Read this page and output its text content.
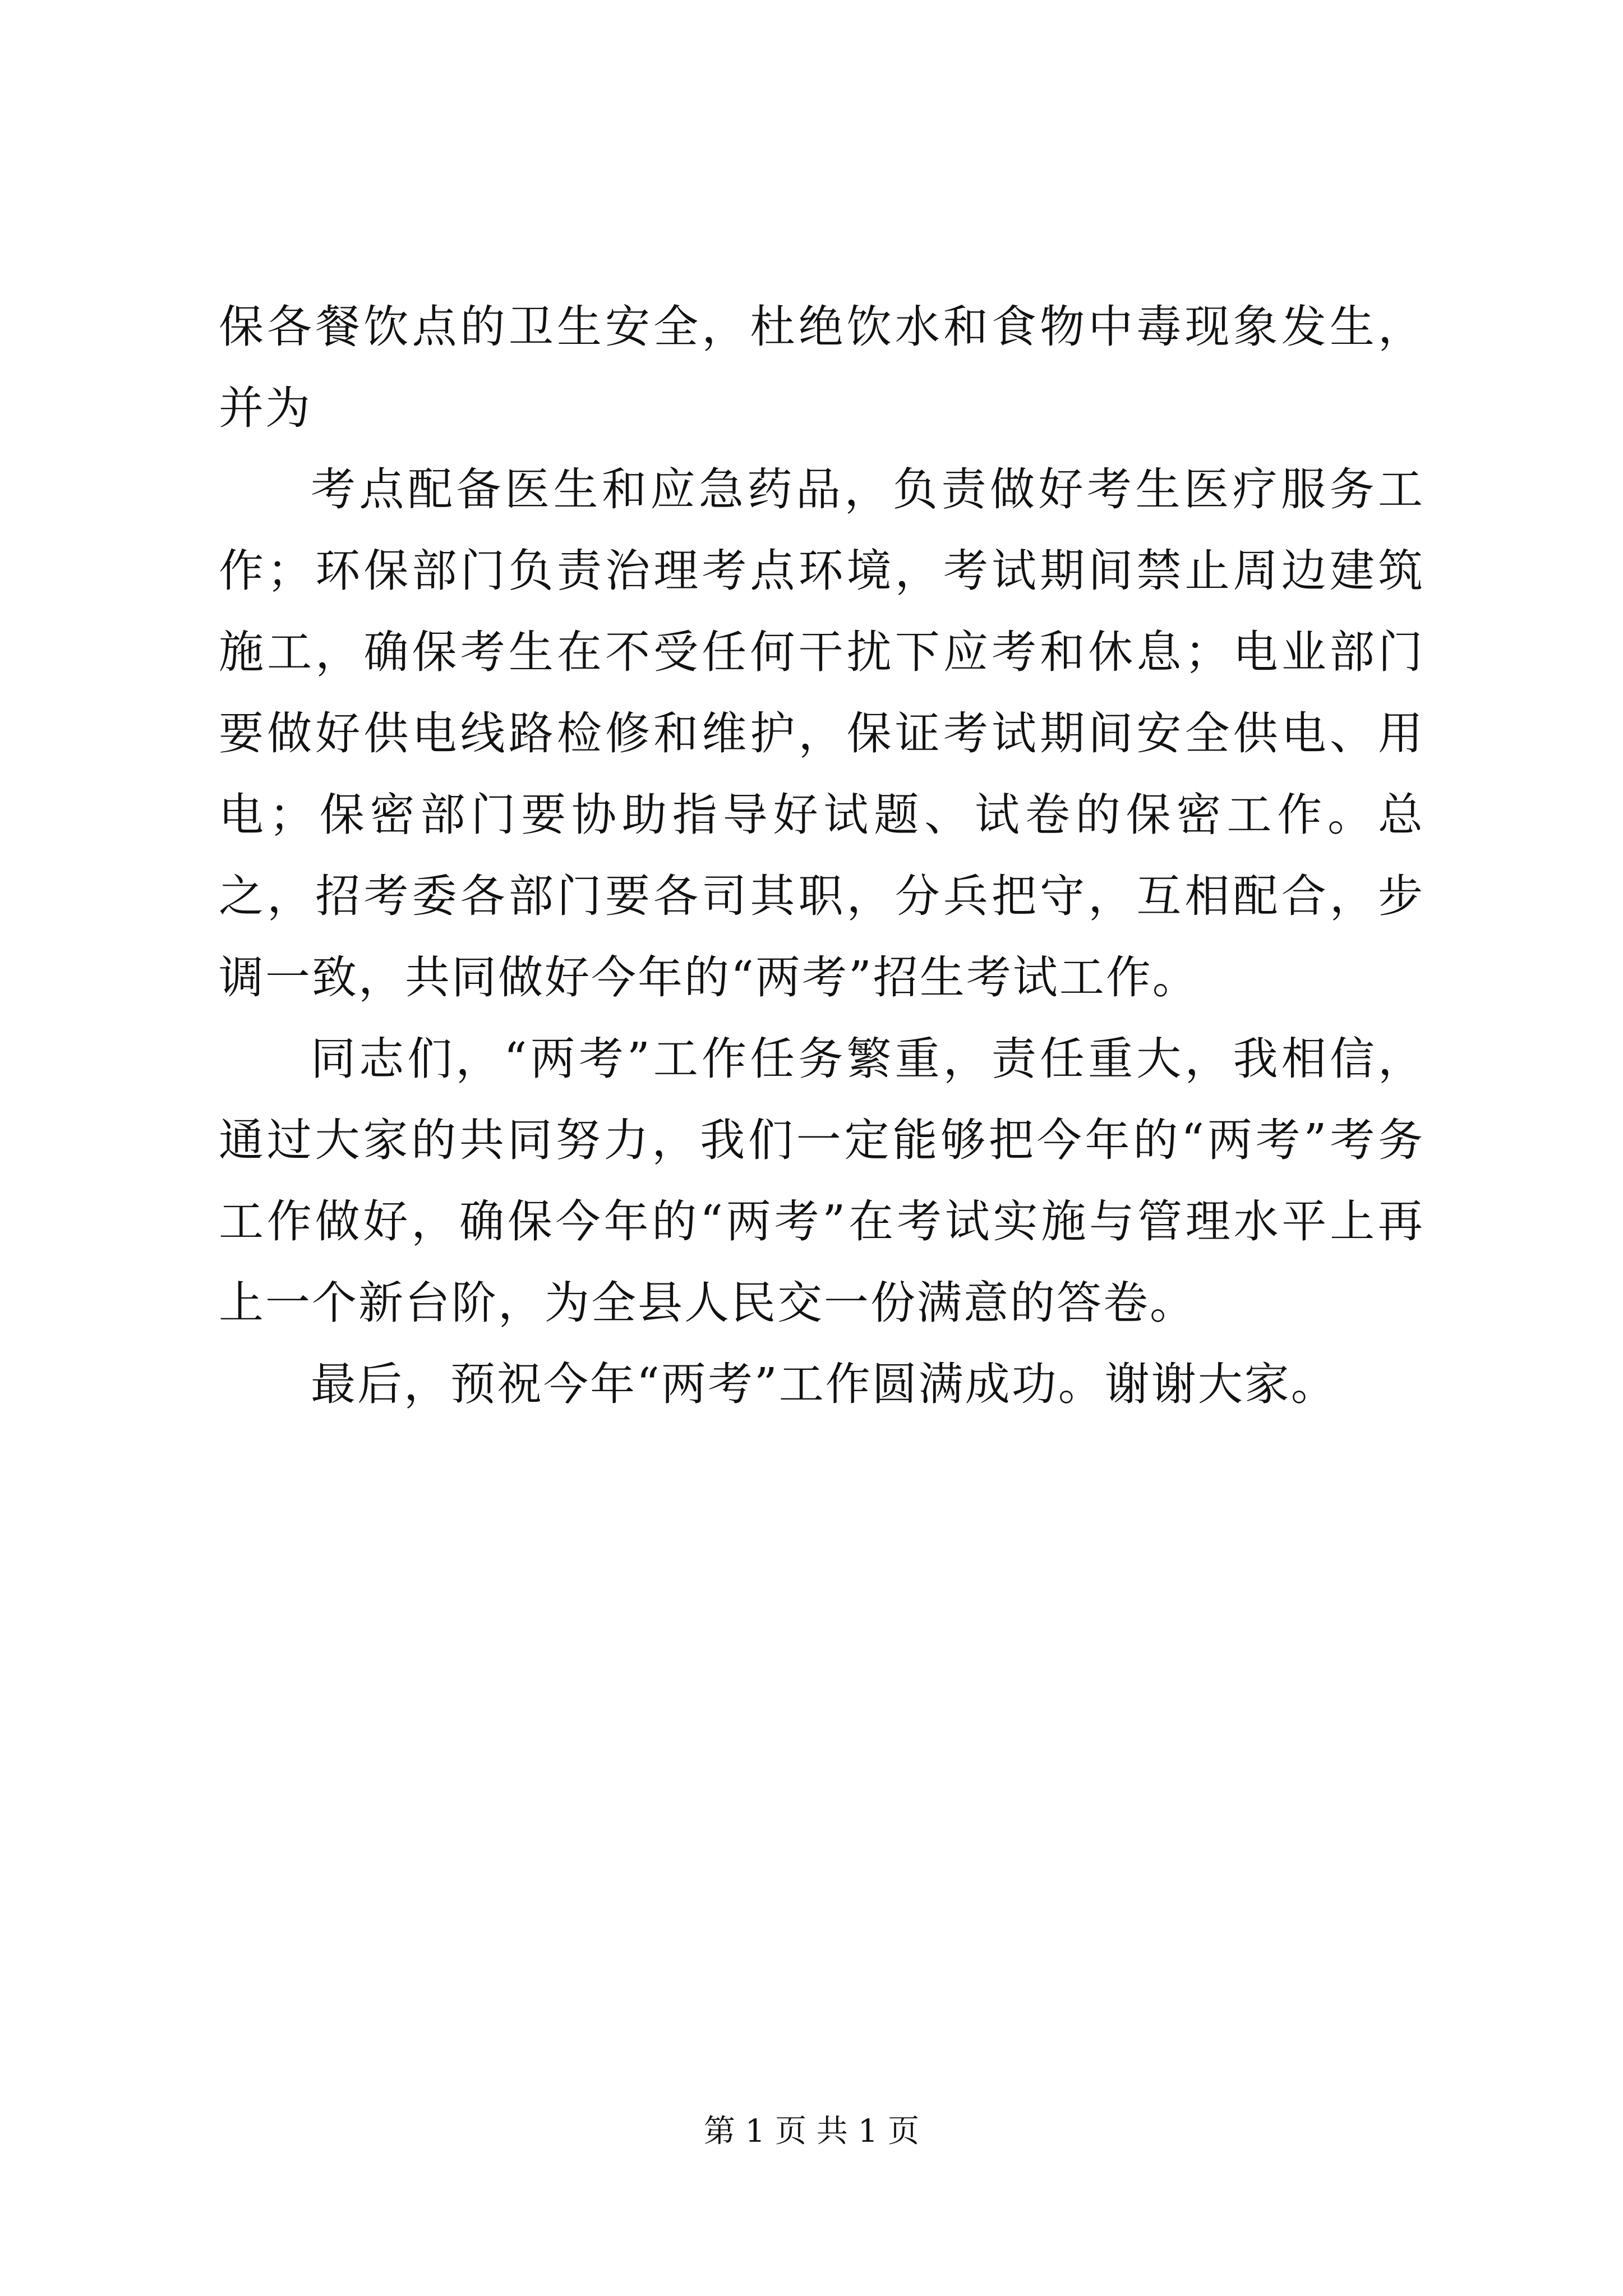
保各餐饮点的卫生安全，杜绝饮水和食物中毒现象发生，并为

考点配备医生和应急药品，负责做好考生医疗服务工作；环保部门负责治理考点环境，考试期间禁止周边建筑施工，确保考生在不受任何干扰下应考和休息；电业部门要做好供电线路检修和维护，保证考试期间安全供电、用电；保密部门要协助指导好试题、试卷的保密工作。总之，招考委各部门要各司其职，分兵把守，互相配合，步调一致，共同做好今年的“两考”招生考试工作。

同志们，“两考”工作任务繁重，责任重大，我相信，通过大家的共同努力，我们一定能够把今年的“两考”考务工作做好，确保今年的“两考”在考试实施与管理水平上再上一个新台阶，为全县人民交一份满意的答卷。

最后，预祝今年“两考”工作圆满成功。谢谢大家。

第 1 页 共 1 页
